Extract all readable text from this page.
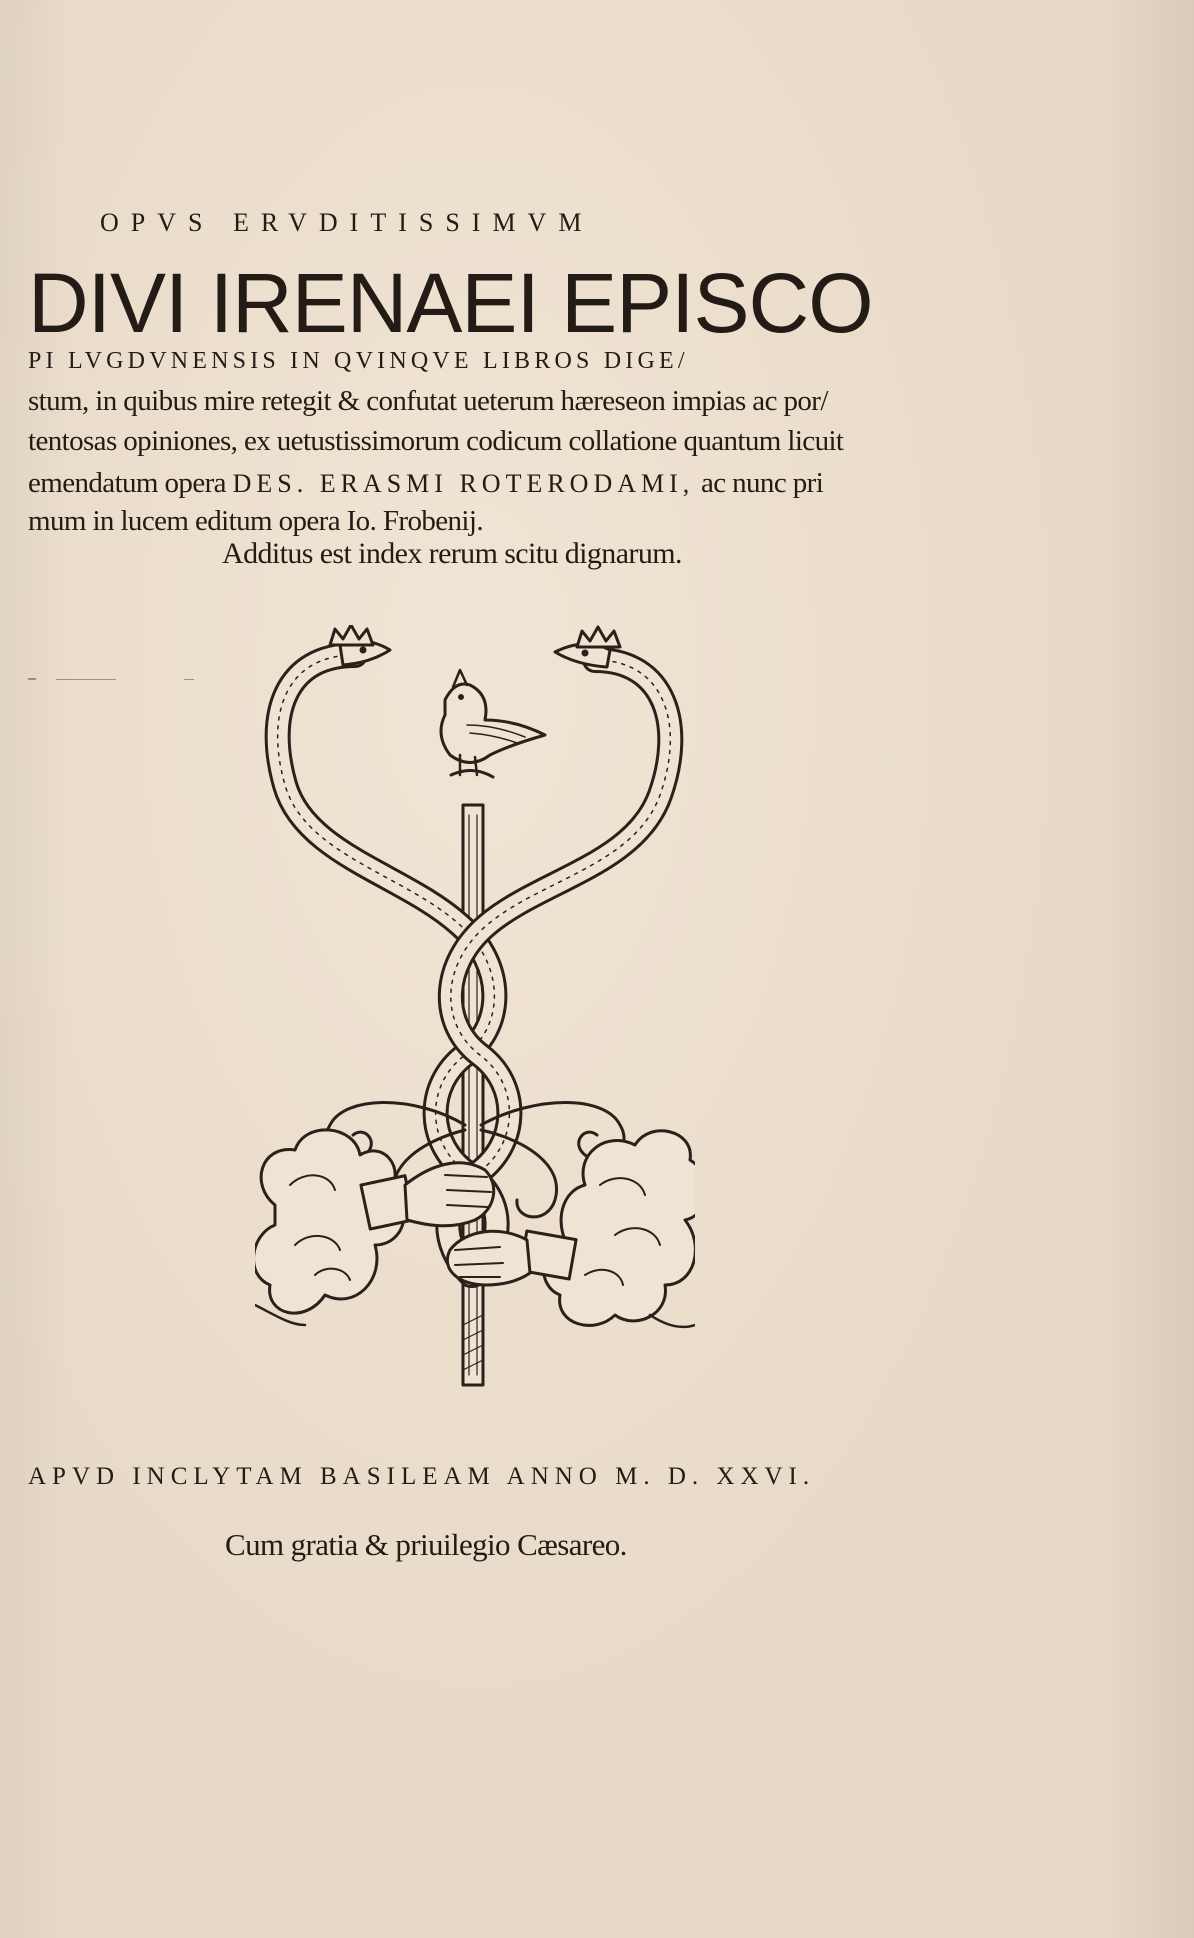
OPVS ERVDITISSIMVM

DIVI IRENAEI EPISCO

PI LVGDVNENSIS IN QVINQVE LIBROS DIGE/

stum, in quibus mire retegit & confutat ueterum hæreseon impias ac por/

tentosas opiniones, ex uetustissimorum codicum collatione quantum licuit

emendatum opera DES. ERASMI ROTERODAMI, ac nunc pri

mum in lucem editum opera Io. Frobenij.

Additus est index rerum scitu dignarum.

APVD INCLYTAM BASILEAM ANNO M. D. XXVI.

Cum gratia & priuilegio Cæsareo.
